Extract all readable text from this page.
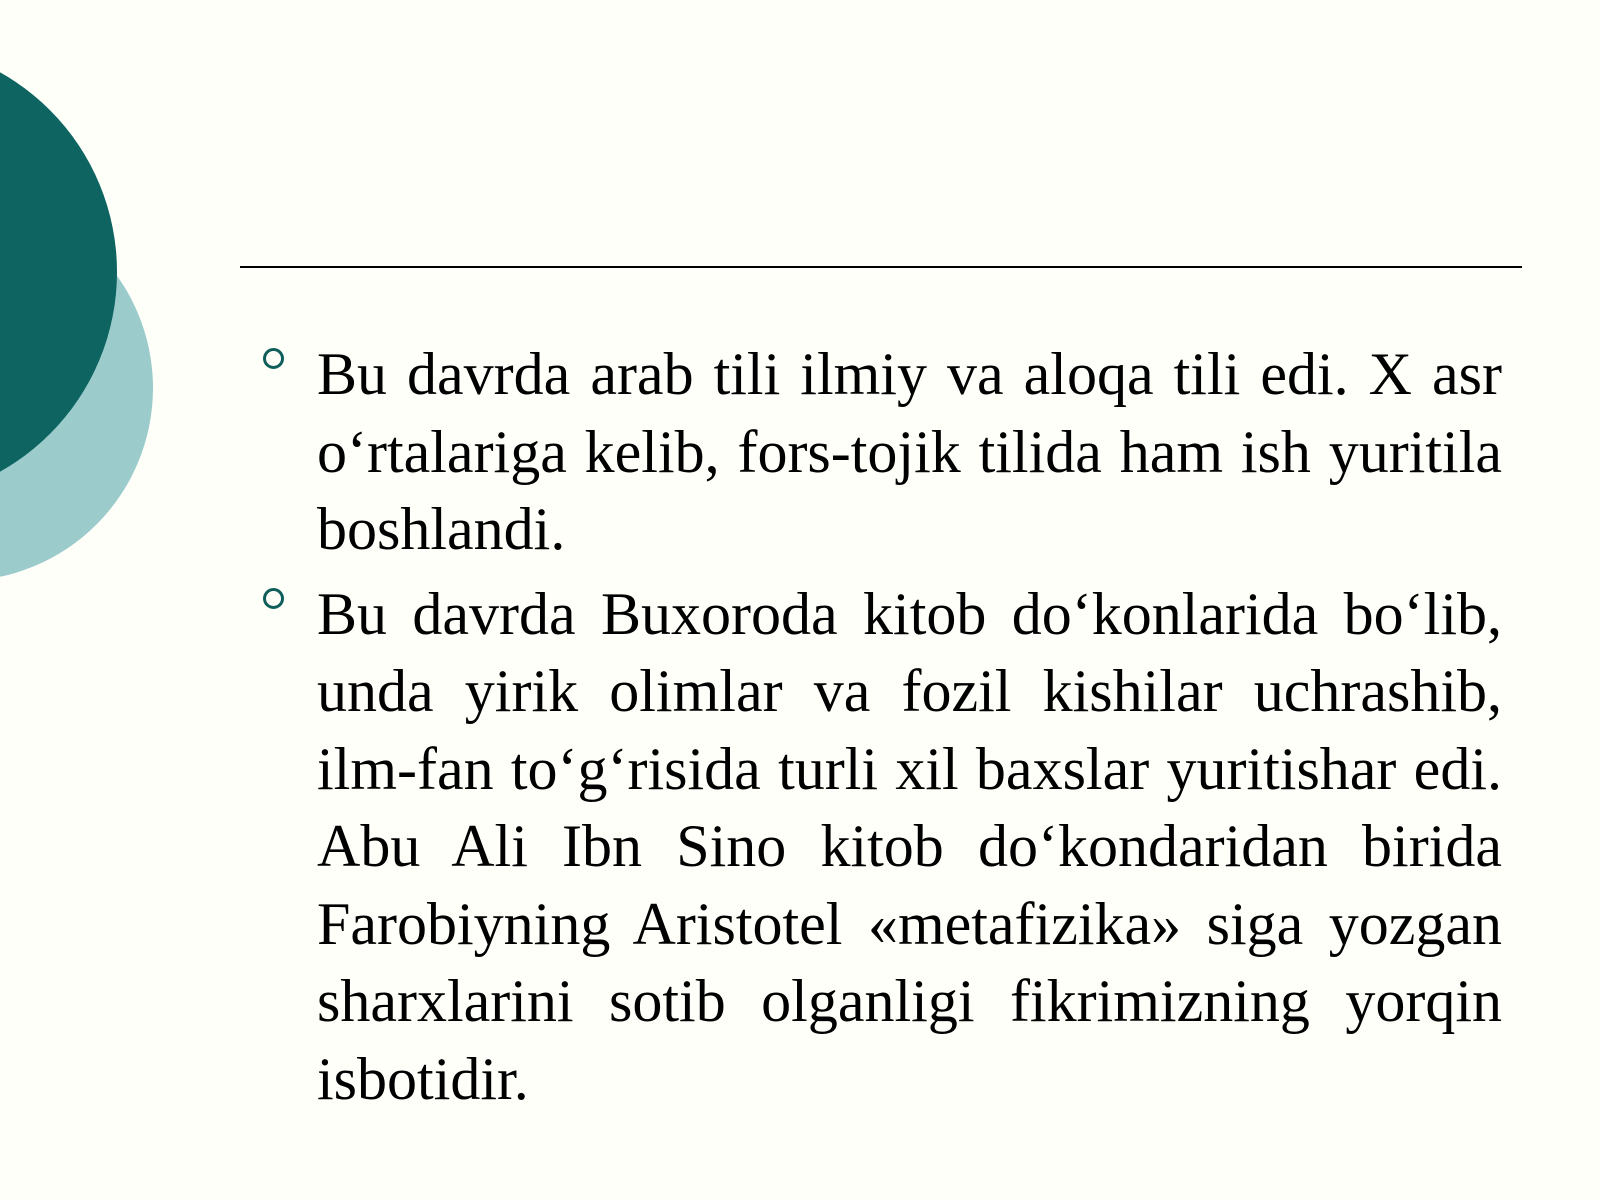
Bu davrda arab tili ilmiy va aloqa tili edi. X asr o‘rtalariga kelib, fors-tojik tilida ham ish yuritila boshlandi.
Bu davrda Buxoroda kitob do‘konlarida bo‘lib, unda yirik olimlar va fozil kishilar uchrashib, ilm-fan to‘g‘risida turli xil baxslar yuritishar edi. Abu Ali Ibn Sino kitob do‘kondaridan birida Farobiyning Aristotel «metafizika» siga yozgan sharxlarini sotib olganligi fikrimizning yorqin isbotidir.
